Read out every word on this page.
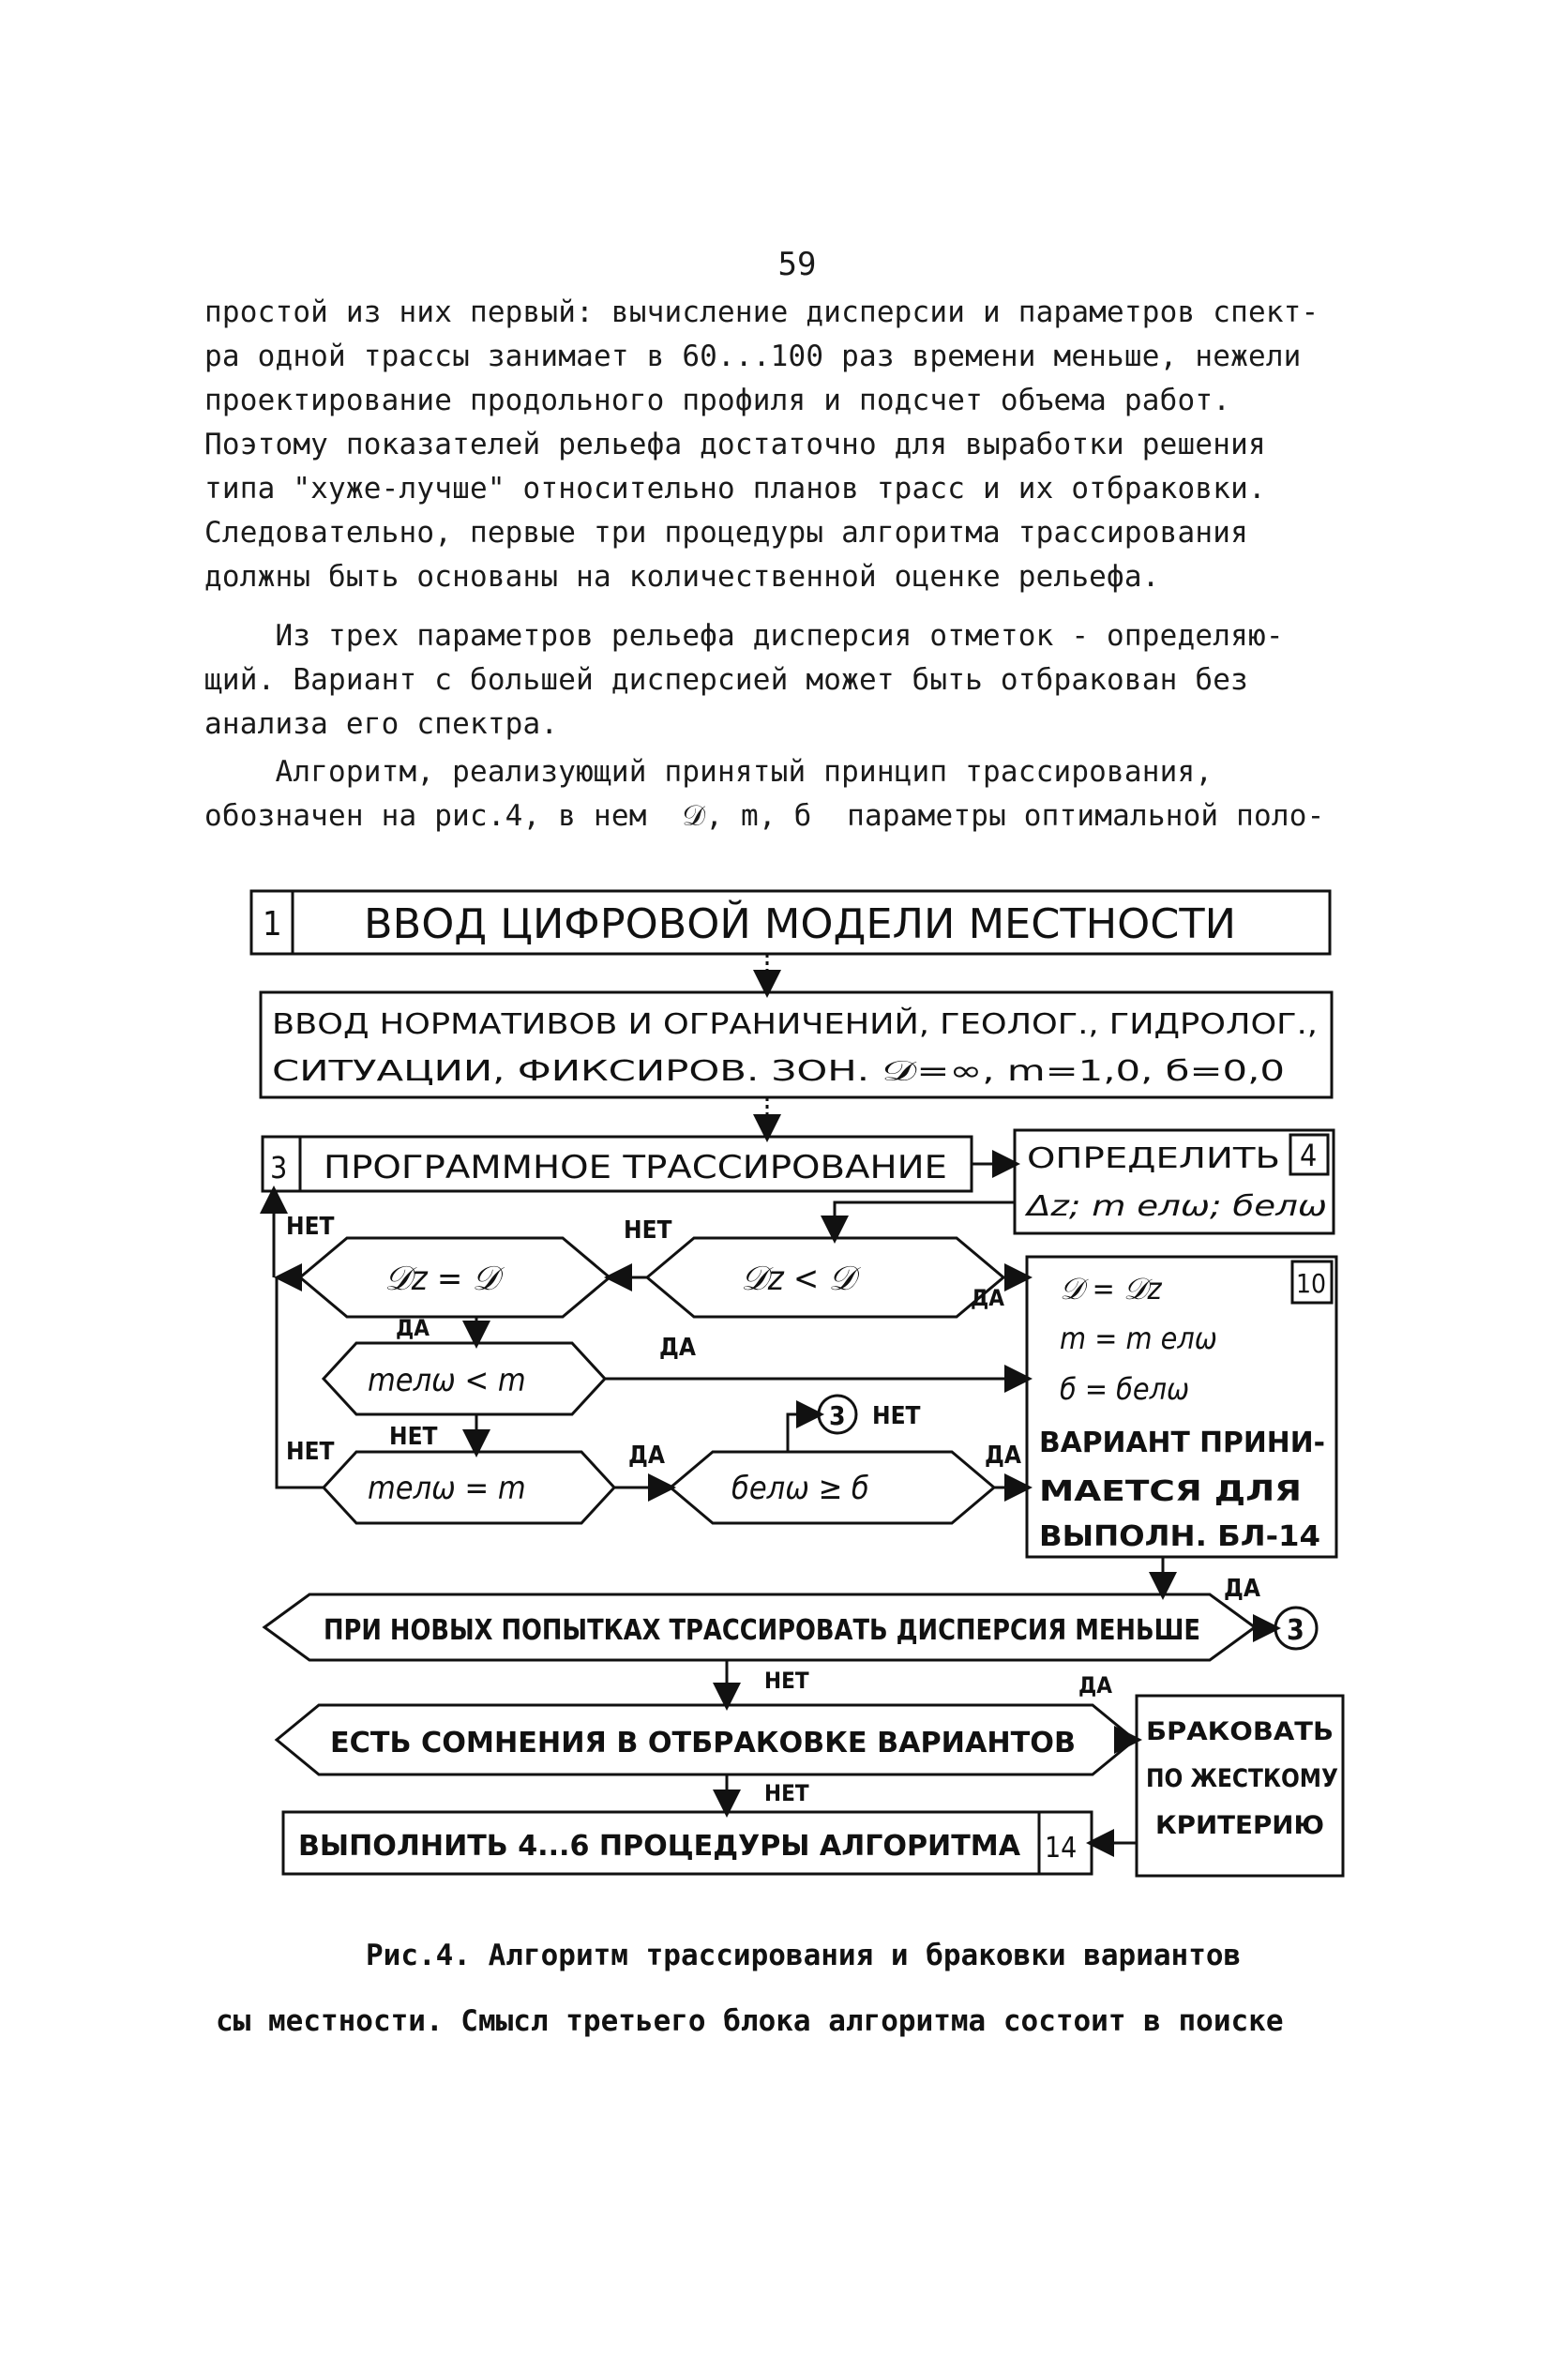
59
простой из них первый: вычисление дисперсии и параметров спект-
ра одной трассы занимает в 60...100 раз времени меньше, нежели
проектирование продольного профиля и подсчет объема работ.
Поэтому показателей рельефа достаточно для выработки решения
типа "хуже-лучше" относительно планов трасс и их отбраковки.
Следовательно, первые три процедуры алгоритма трассирования
должны быть основаны на количественной оценке рельефа.
Из трех параметров рельефа дисперсия отметок - определяю-
щий. Вариант с большей дисперсией может быть отбракован без
анализа его спектра.
Алгоритм, реализующий принятый принцип трассирования,
обозначен на рис.4, в нем  𝒟, m, б  параметры оптимальной поло-
1 ВВОД ЦИФРОВОЙ МОДЕЛИ МЕСТНОСТИ
ВВОД НОРМАТИВОВ И ОГРАНИЧЕНИЙ, ГЕОЛОГ., ГИДРОЛОГ.,
СИТУАЦИИ, ФИКСИРОВ. ЗОН. 𝒟=∞, m=1,0, б=0,0
3 ПРОГРАММНОЕ ТРАССИРОВАНИЕ	4
ОПРЕДЕЛИТЬ
Δz; m eлω; бeлω
10
𝒟 = 𝒟z
m = m eлω
б = бeлω
ВАРИАНТ ПРИНИ-
МАЕТСЯ ДЛЯ
ВЫПОЛН. БЛ-14
𝒟z = 𝒟	𝒟z < 𝒟
meлω < m
meлω = m	бeлω ≥ б
ПРИ НОВЫХ ПОПЫТКАХ ТРАССИРОВАТЬ ДИСПЕРСИЯ МЕНЬШЕ
ЕСТЬ СОМНЕНИЯ В ОТБРАКОВКЕ ВАРИАНТОВ	БРАКОВАТЬ
ПО ЖЕСТКОМУ
КРИТЕРИЮ
ВЫПОЛНИТЬ 4...6 ПРОЦЕДУРЫ АЛГОРИТМА 14
3
3
НЕТ	НЕТ
ДА
ДА
ДА
НЕТ
НЕТ
НЕТ	ДА	ДА
ДА
НЕТ	ДА
НЕТ
Рис.4. Алгоритм трассирования и браковки вариантов
сы местности. Смысл третьего блока алгоритма состоит в поиске
